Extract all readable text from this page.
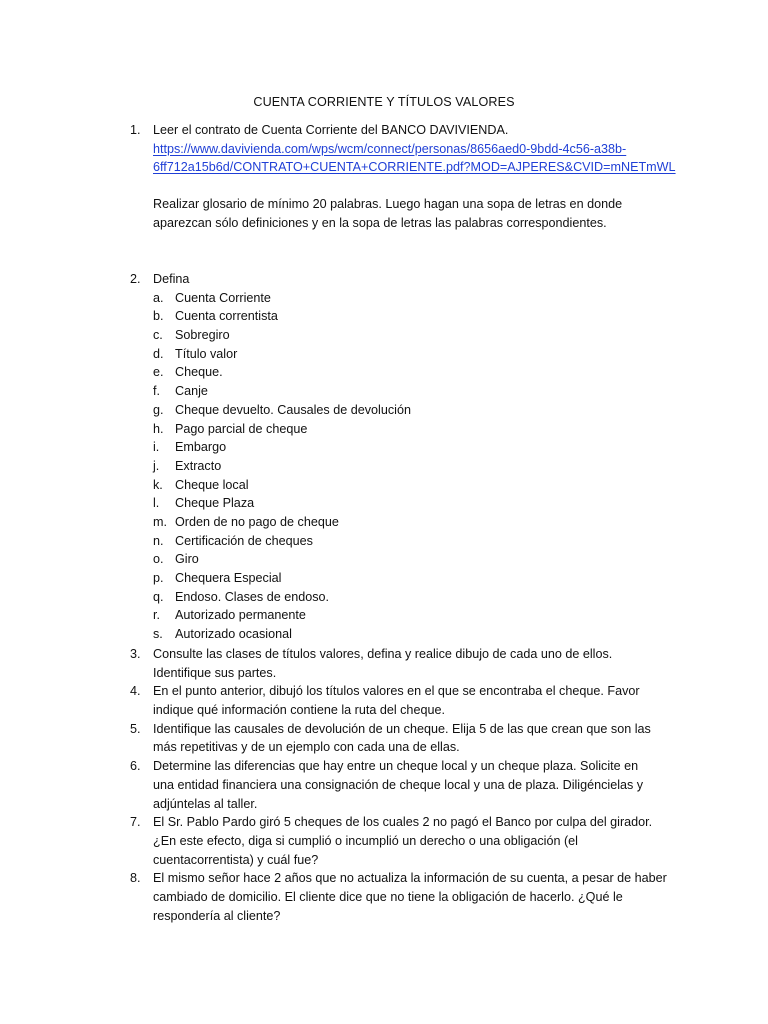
CUENTA CORRIENTE Y TÍTULOS VALORES
1. Leer el contrato de Cuenta Corriente del BANCO DAVIVIENDA.
https://www.davivienda.com/wps/wcm/connect/personas/8656aed0-9bdd-4c56-a38b-
6ff712a15b6d/CONTRATO+CUENTA+CORRIENTE.pdf?MOD=AJPERES&CVID=mNETmWL
Realizar glosario de mínimo 20 palabras. Luego hagan una sopa de letras en donde
aparezcan sólo definiciones y en la sopa de letras las palabras correspondientes.
2. Defina
a. Cuenta Corriente
b. Cuenta correntista
c. Sobregiro
d. Título valor
e. Cheque.
f. Canje
g. Cheque devuelto. Causales de devolución
h. Pago parcial de cheque
i. Embargo
j. Extracto
k. Cheque local
l. Cheque Plaza
m. Orden de no pago de cheque
n. Certificación de cheques
o. Giro
p. Chequera Especial
q. Endoso. Clases de endoso.
r. Autorizado permanente
s. Autorizado ocasional
3. Consulte las clases de títulos valores, defina y realice dibujo de cada uno de ellos.
Identifique sus partes.
4. En el punto anterior, dibujó los títulos valores en el que se encontraba el cheque. Favor
indique qué información contiene la ruta del cheque.
5. Identifique las causales de devolución de un cheque. Elija 5 de las que crean que son las
más repetitivas y de un ejemplo con cada una de ellas.
6. Determine las diferencias que hay entre un cheque local y un cheque plaza. Solicite en
una entidad financiera una consignación de cheque local y una de plaza. Diligéncielas y
adjúntelas al taller.
7. El Sr. Pablo Pardo giró 5 cheques de los cuales 2 no pagó el Banco por culpa del girador.
¿En este efecto, diga si cumplió o incumplió un derecho o una obligación (el
cuentacorrentista) y cuál fue?
8. El mismo señor hace 2 años que no actualiza la información de su cuenta, a pesar de haber
cambiado de domicilio. El cliente dice que no tiene la obligación de hacerlo. ¿Qué le
respondería al cliente?
